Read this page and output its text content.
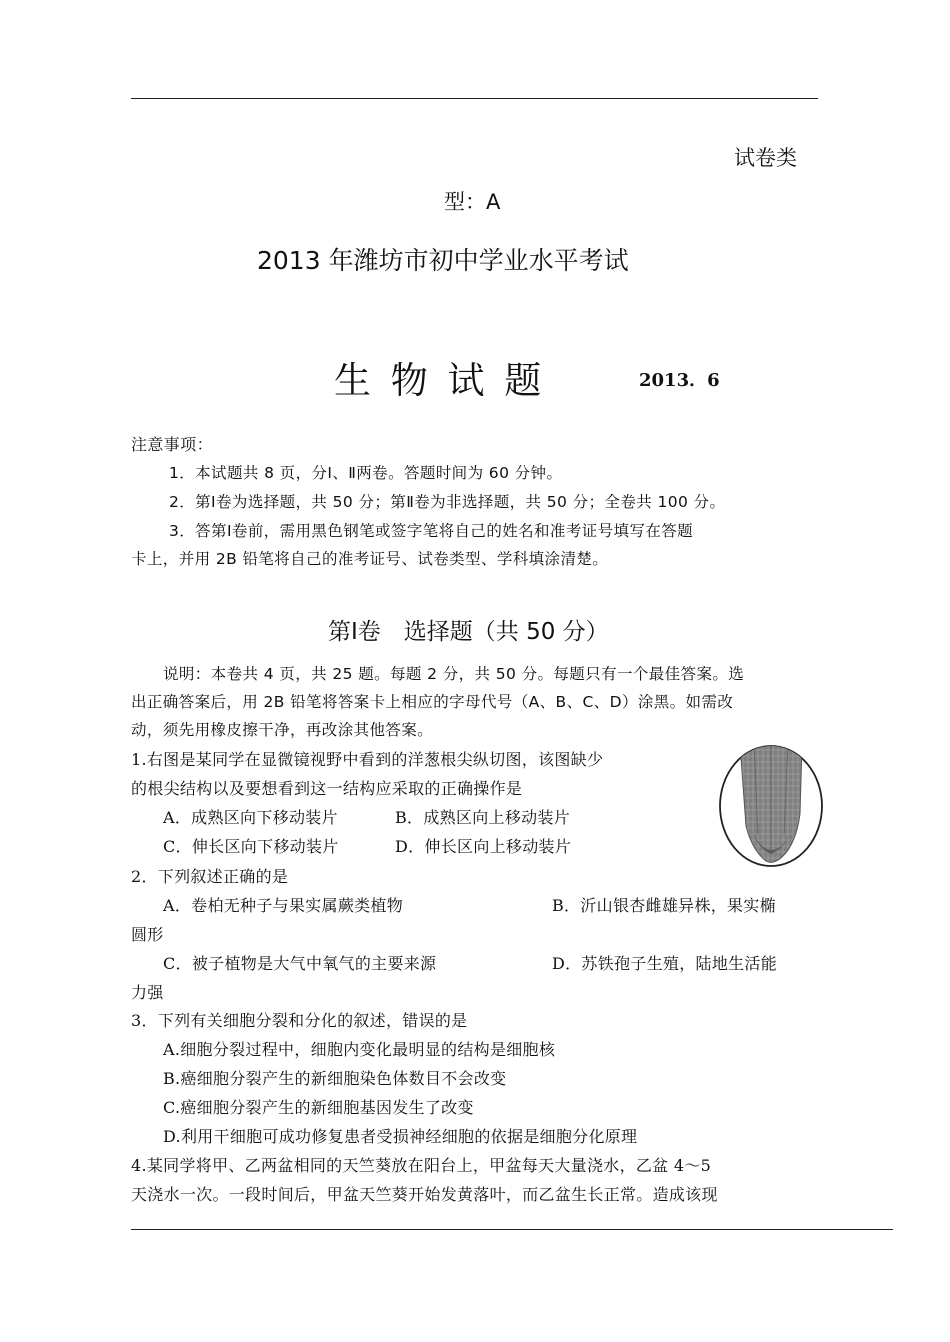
试卷类
型：A
2013 年潍坊市初中学业水平考试
生 物 试 题	2013．6
注意事项：
1．本试题共 8 页，分Ⅰ、Ⅱ两卷。答题时间为 60 分钟。
2．第Ⅰ卷为选择题，共 50 分；第Ⅱ卷为非选择题，共 50 分；全卷共 100 分。
3．答第Ⅰ卷前，需用黑色钢笔或签字笔将自己的姓名和准考证号填写在答题
卡上，并用 2B 铅笔将自己的准考证号、试卷类型、学科填涂清楚。
第Ⅰ卷　选择题（共 50 分）
说明：本卷共 4 页，共 25 题。每题 2 分，共 50 分。每题只有一个最佳答案。选
出正确答案后，用 2B 铅笔将答案卡上相应的字母代号（A、B、C、D）涂黑。如需改
动，须先用橡皮擦干净，再改涂其他答案。
1.右图是某同学在显微镜视野中看到的洋葱根尖纵切图，该图缺少
的根尖结构以及要想看到这一结构应采取的正确操作是
A．成熟区向下移动装片	B．成熟区向上移动装片
C．伸长区向下移动装片	D．伸长区向上移动装片
2．下列叙述正确的是
A．卷柏无种子与果实属蕨类植物	B．沂山银杏雌雄异株，果实椭
圆形
C．被子植物是大气中氧气的主要来源	D．苏铁孢子生殖，陆地生活能
力强
3．下列有关细胞分裂和分化的叙述，错误的是
A.细胞分裂过程中，细胞内变化最明显的结构是细胞核
B.癌细胞分裂产生的新细胞染色体数目不会改变
C.癌细胞分裂产生的新细胞基因发生了改变
D.利用干细胞可成功修复患者受损神经细胞的依据是细胞分化原理
4.某同学将甲、乙两盆相同的天竺葵放在阳台上，甲盆每天大量浇水，乙盆 4～5
天浇水一次。一段时间后，甲盆天竺葵开始发黄落叶，而乙盆生长正常。造成该现
